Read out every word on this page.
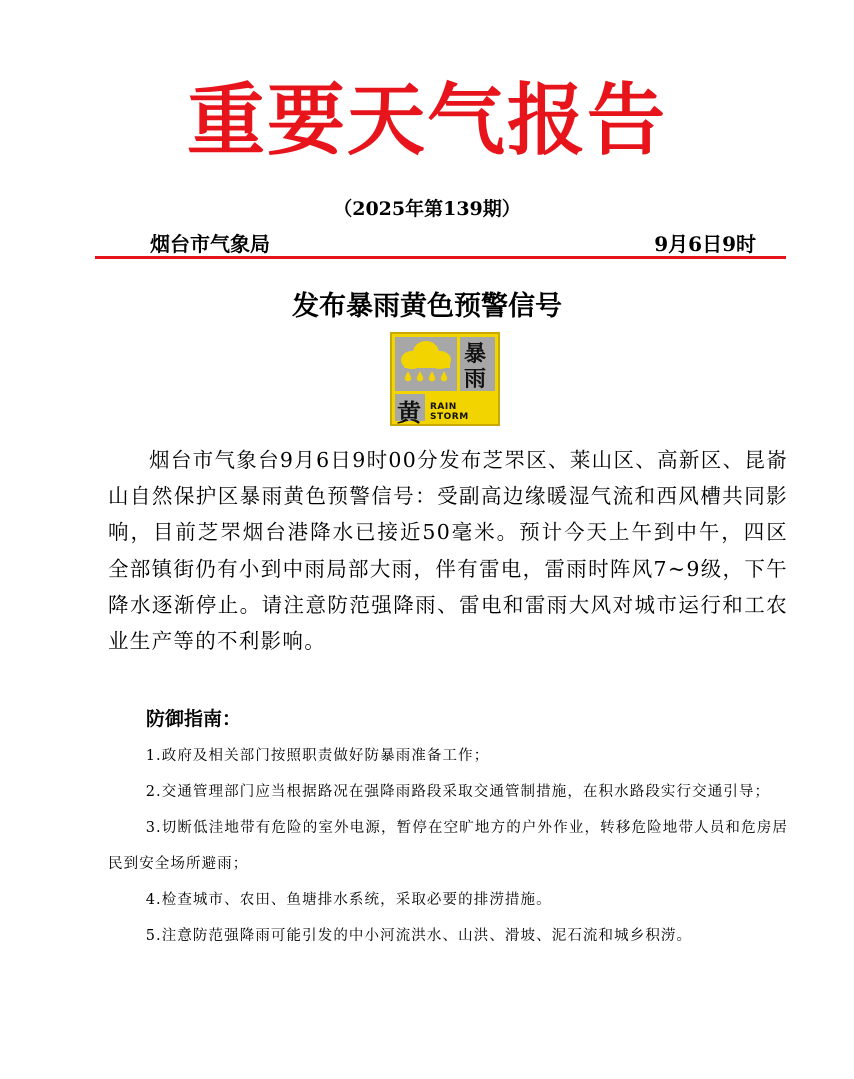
重要天气报告
（2025年第139期）
烟台市气象局	9月6日9时
发布暴雨黄色预警信号
暴
雨
黄 RAIN STORM
烟台市气象台9月6日9时00分发布芝罘区、莱山区、高新区、昆嵛山自然保护区暴雨黄色预警信号：受副高边缘暖湿气流和西风槽共同影响，目前芝罘烟台港降水已接近50毫米。预计今天上午到中午，四区全部镇街仍有小到中雨局部大雨，伴有雷电，雷雨时阵风7~9级，下午降水逐渐停止。请注意防范强降雨、雷电和雷雨大风对城市运行和工农业生产等的不利影响。
防御指南：
1.政府及相关部门按照职责做好防暴雨准备工作；
2.交通管理部门应当根据路况在强降雨路段采取交通管制措施，在积水路段实行交通引导；
3.切断低洼地带有危险的室外电源，暂停在空旷地方的户外作业，转移危险地带人员和危房居民到安全场所避雨；
4.检查城市、农田、鱼塘排水系统，采取必要的排涝措施。
5.注意防范强降雨可能引发的中小河流洪水、山洪、滑坡、泥石流和城乡积涝。
